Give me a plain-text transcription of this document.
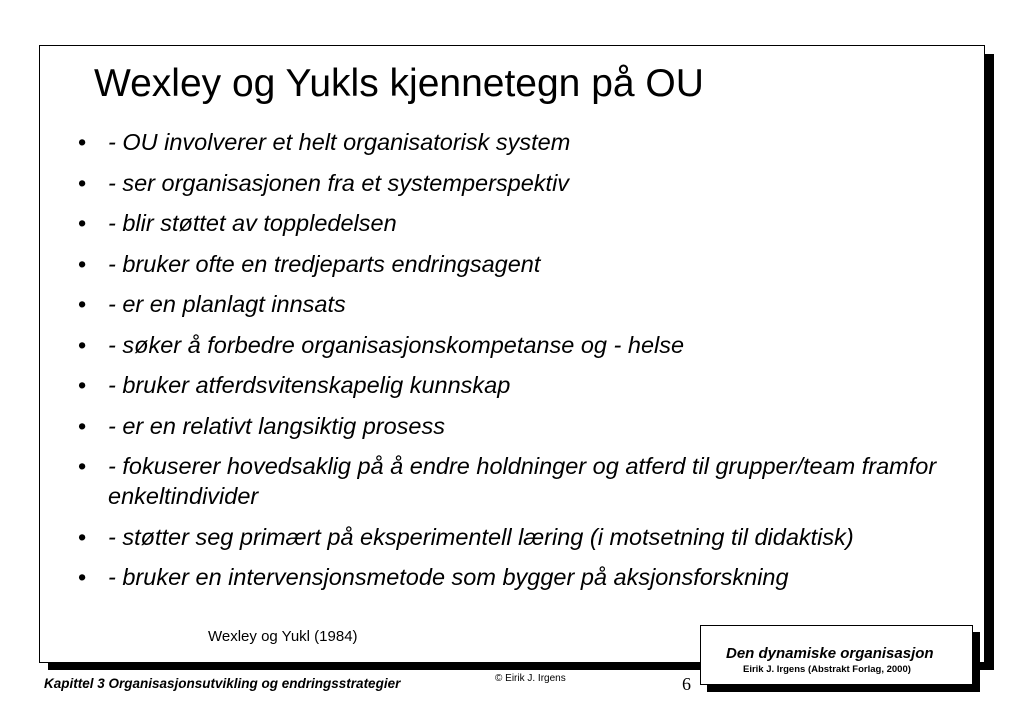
Wexley og Yukls kjennetegn på OU
• - OU involverer et helt organisatorisk system
• - ser organisasjonen fra et systemperspektiv
• - blir støttet av toppledelsen
• - bruker ofte en tredjeparts endringsagent
• - er en planlagt innsats
• - søker å forbedre organisasjonskompetanse og - helse
• - bruker atferdsvitenskapelig kunnskap
• - er en relativt langsiktig prosess
• - fokuserer hovedsaklig på å endre holdninger og atferd til grupper/team framfor enkeltindivider
• - støtter seg primært på eksperimentell læring (i motsetning til didaktisk)
• - bruker en intervensjonsmetode som bygger på aksjonsforskning
Wexley og Yukl (1984)
Den dynamiske organisasjon
Eirik J. Irgens (Abstrakt Forlag, 2000)
Kapittel 3 Organisasjonsutvikling og endringsstrategier	© Eirik J. Irgens	6
